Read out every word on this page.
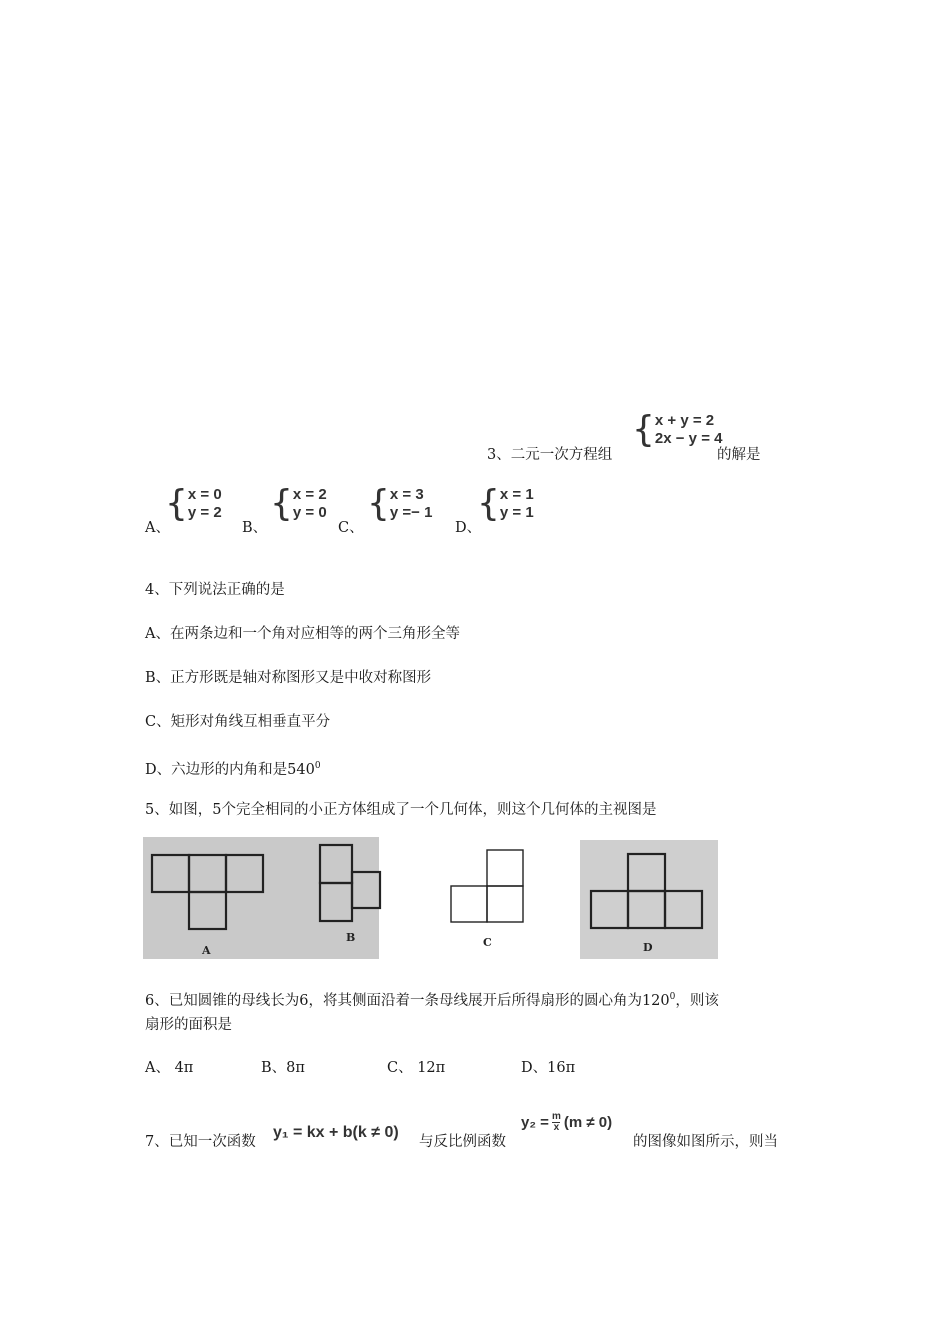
3、二元一次方程组
{ x + y = 2
2x − y = 4
的解是
A、
{ x = 0
y = 2
B、
{ x = 2
y = 0
C、
{ x = 3
y =− 1
D、
{ x = 1
y = 1
4、下列说法正确的是
A、在两条边和一个角对应相等的两个三角形全等
B、正方形既是轴对称图形又是中收对称图形
C、矩形对角线互相垂直平分
D、六边形的内角和是$540^0$
5、如图，5个完全相同的小正方体组成了一个几何体，则这个几何体的主视图是
A
B	C	D
6、已知圆锥的母线长为6，将其侧面沿着一条母线展开后所得扇形的圆心角为$120^0$，则该
扇形的面积是
A、 4π	B、8π	C、 12π	D、16π
7、已知一次函数
y₁ = kx + b(k ≠ 0)
与反比例函数
$y_2 = \frac{m}{x} (m \ne 0)$
的图像如图所示，则当
